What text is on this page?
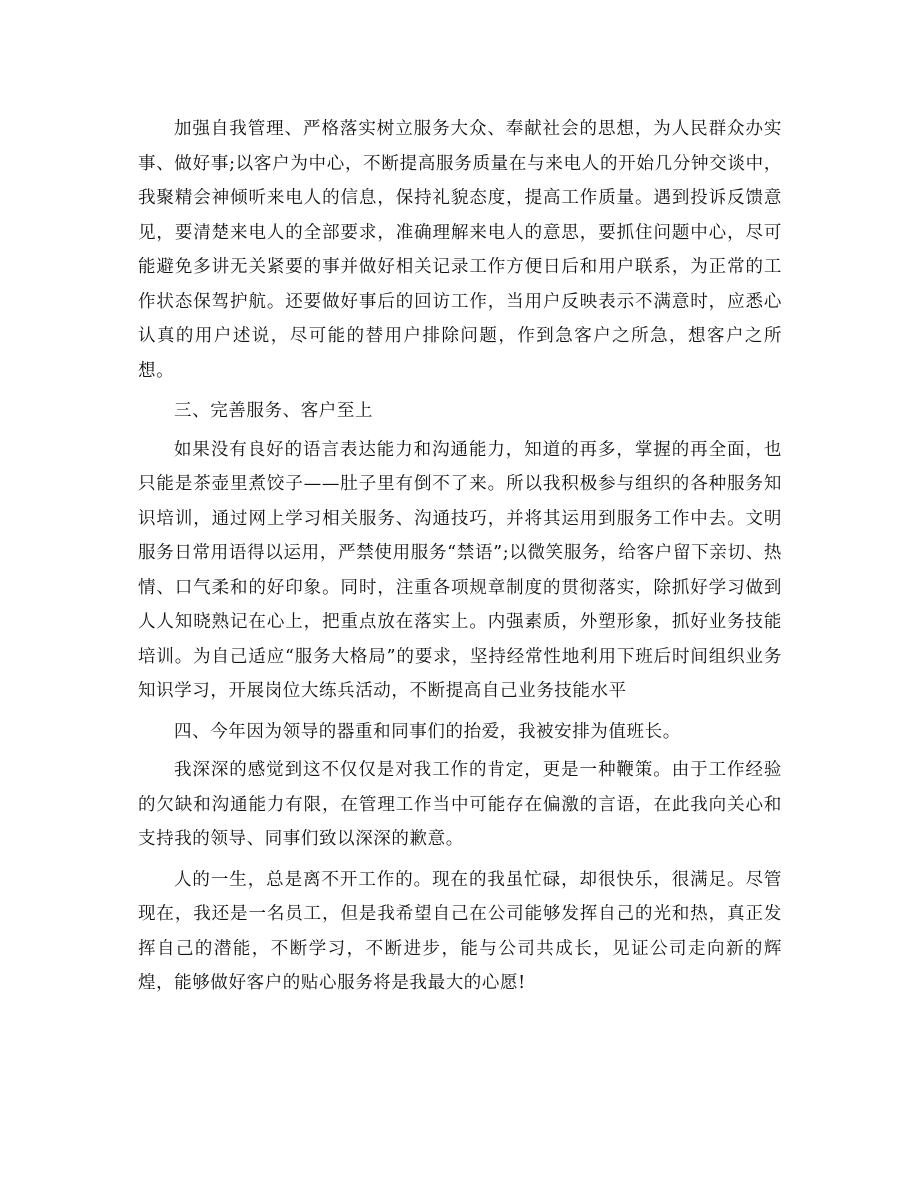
加强自我管理、严格落实树立服务大众、奉献社会的思想，为人民群众办实事、做好事;以客户为中心，不断提高服务质量在与来电人的开始几分钟交谈中，我聚精会神倾听来电人的信息，保持礼貌态度，提高工作质量。遇到投诉反馈意见，要清楚来电人的全部要求，准确理解来电人的意思，要抓住问题中心，尽可能避免多讲无关紧要的事并做好相关记录工作方便日后和用户联系，为正常的工作状态保驾护航。还要做好事后的回访工作，当用户反映表示不满意时，应悉心认真的用户述说，尽可能的替用户排除问题，作到急客户之所急，想客户之所想。

三、完善服务、客户至上

如果没有良好的语言表达能力和沟通能力，知道的再多，掌握的再全面，也只能是茶壶里煮饺子——肚子里有倒不了来。所以我积极参与组织的各种服务知识培训，通过网上学习相关服务、沟通技巧，并将其运用到服务工作中去。文明服务日常用语得以运用，严禁使用服务“禁语”;以微笑服务，给客户留下亲切、热情、口气柔和的好印象。同时，注重各项规章制度的贯彻落实，除抓好学习做到人人知晓熟记在心上，把重点放在落实上。内强素质，外塑形象，抓好业务技能培训。为自己适应“服务大格局”的要求，坚持经常性地利用下班后时间组织业务知识学习，开展岗位大练兵活动，不断提高自己业务技能水平

四、今年因为领导的器重和同事们的抬爱，我被安排为值班长。

我深深的感觉到这不仅仅是对我工作的肯定，更是一种鞭策。由于工作经验的欠缺和沟通能力有限，在管理工作当中可能存在偏激的言语，在此我向关心和支持我的领导、同事们致以深深的歉意。

人的一生，总是离不开工作的。现在的我虽忙碌，却很快乐，很满足。尽管现在，我还是一名员工，但是我希望自己在公司能够发挥自己的光和热，真正发挥自己的潜能，不断学习，不断进步，能与公司共成长，见证公司走向新的辉煌，能够做好客户的贴心服务将是我最大的心愿!
